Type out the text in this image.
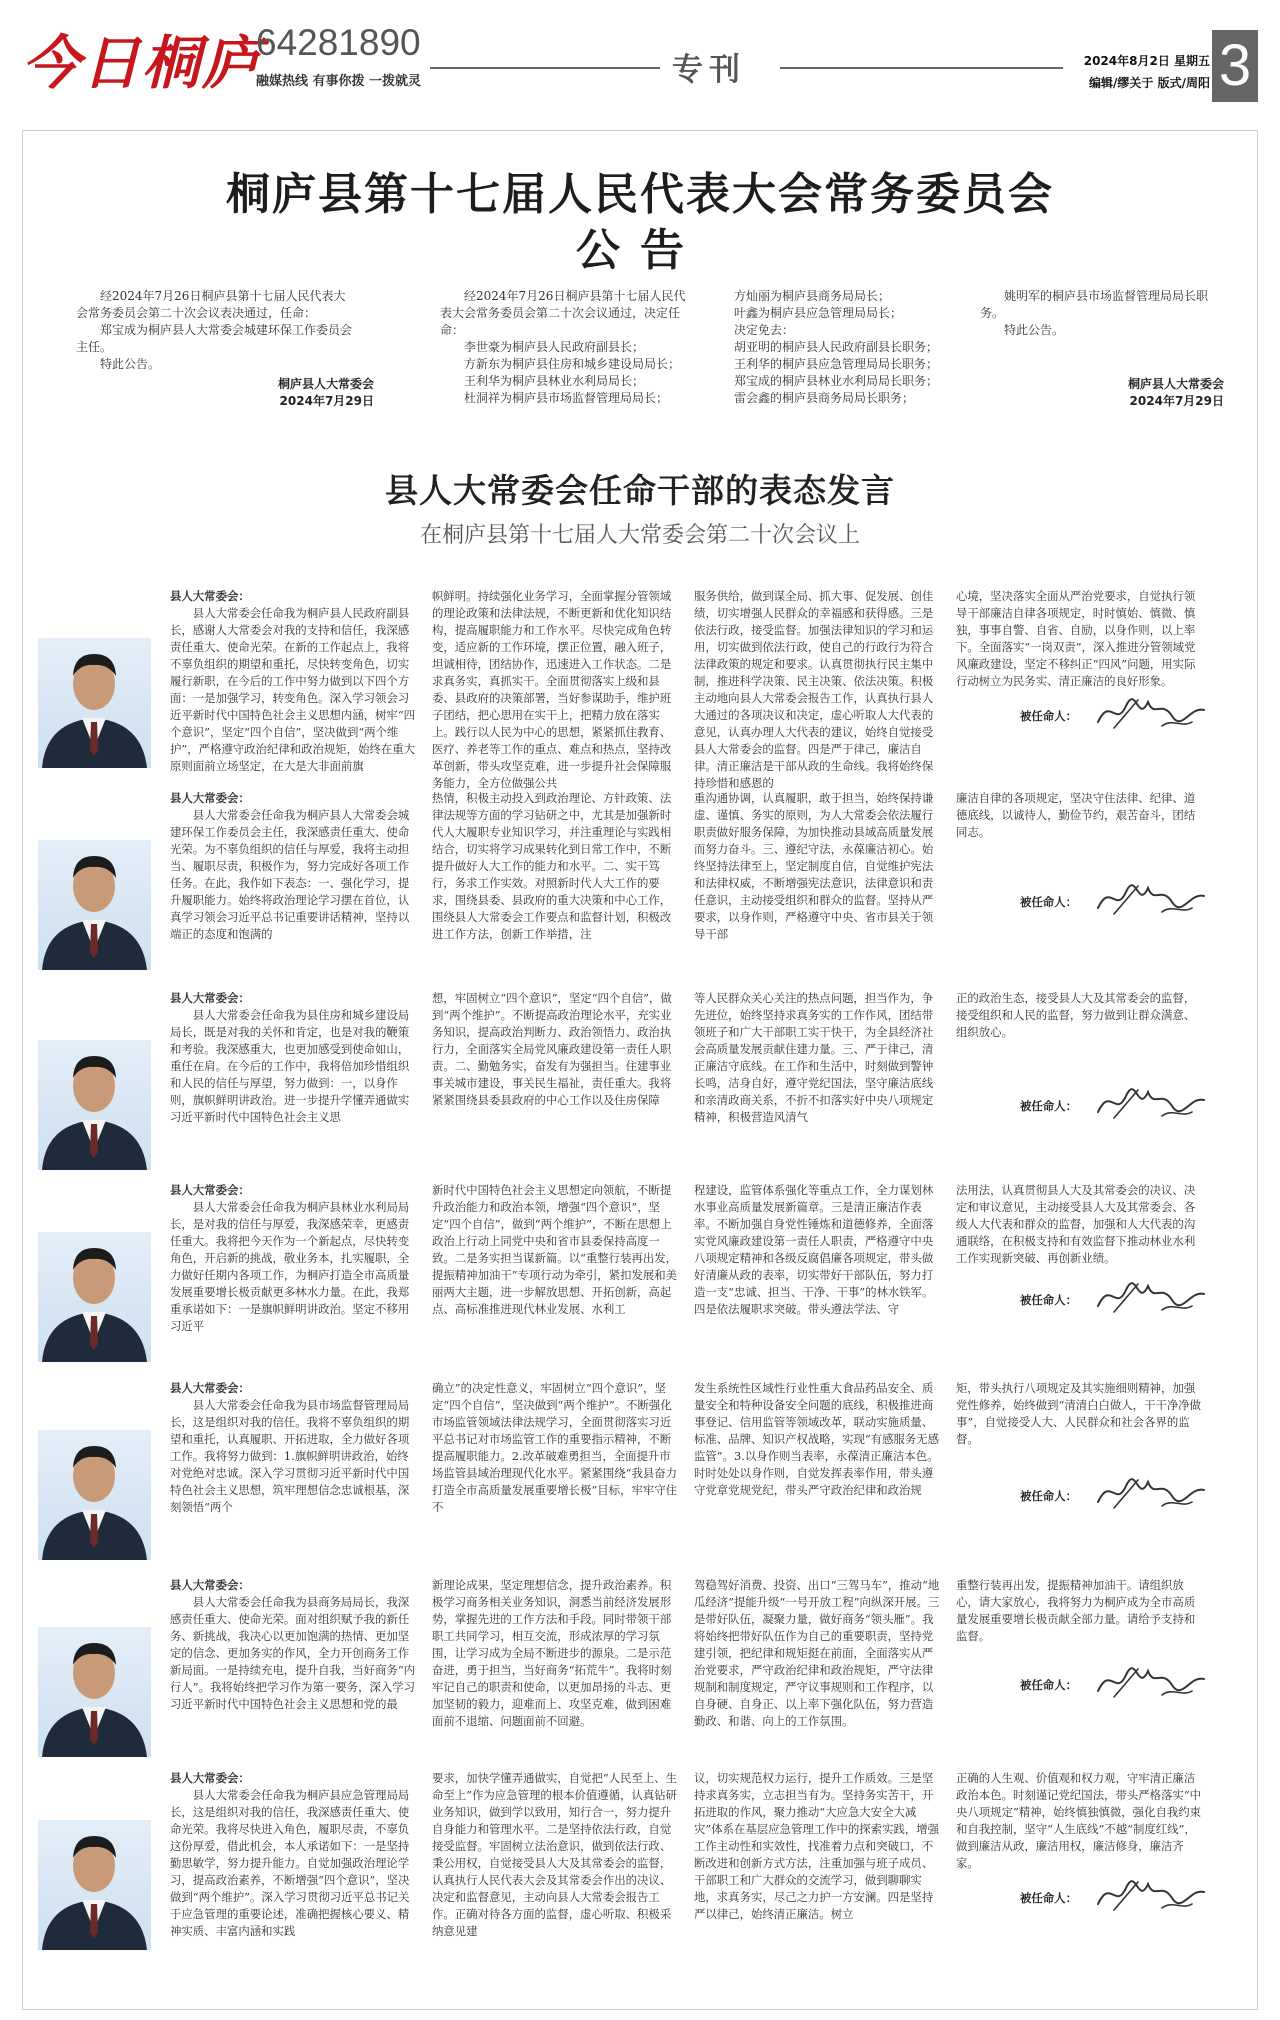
今日桐庐
64281890
融媒热线 有事你拨 一拨就灵	专刊	2024年8月2日 星期五
编辑/缪关于 版式/周阳 3
桐庐县第十七届人民代表大会常务委员会
公告

经2024年7月26日桐庐县第十七届人民代表大会常务委员会第二十次会议表决通过，任命：

郑宝成为桐庐县人大常委会城建环保工作委员会主任。

特此公告。

桐庐县人大常委会
2024年7月29日

经2024年7月26日桐庐县第十七届人民代表大会常务委员会第二十次会议通过，决定任命：

李世豪为桐庐县人民政府副县长；

方新东为桐庐县住房和城乡建设局局长；

王利华为桐庐县林业水利局局长；

杜洞祥为桐庐县市场监督管理局局长；

方灿丽为桐庐县商务局局长；
叶鑫为桐庐县应急管理局局长；
决定免去：
胡亚明的桐庐县人民政府副县长职务；
王利华的桐庐县应急管理局局长职务；
郑宝成的桐庐县林业水利局局长职务；
雷会鑫的桐庐县商务局局长职务；

姚明军的桐庐县市场监督管理局局长职务。

特此公告。

桐庐县人大常委会
2024年7月29日
县人大常委会任命干部的表态发言
在桐庐县第十七届人大常委会第二十次会议上
县人大常委会：

县人大常委会任命我为桐庐县人民政府副县长，感谢人大常委会对我的支持和信任，我深感责任重大、使命光荣。在新的工作起点上，我将不辜负组织的期望和重托，尽快转变角色，切实履行新职，在今后的工作中努力做到以下四个方面：一是加强学习，转变角色。深入学习领会习近平新时代中国特色社会主义思想内涵，树牢“四个意识”，坚定“四个自信”，坚决做到“两个维护”，严格遵守政治纪律和政治规矩，始终在重大原则面前立场坚定，在大是大非面前旗

帜鲜明。持续强化业务学习，全面掌握分管领域的理论政策和法律法规，不断更新和优化知识结构，提高履职能力和工作水平。尽快完成角色转变，适应新的工作环境，摆正位置，融入班子，坦诚相待，团结协作，迅速进入工作状态。二是求真务实，真抓实干。全面贯彻落实上级和县委、县政府的决策部署，当好参谋助手，维护班子团结，把心思用在实干上，把精力放在落实上。践行以人民为中心的思想，紧紧抓住教育、医疗、养老等工作的重点、难点和热点，坚持改革创新，带头攻坚克难，进一步提升社会保障服务能力，全方位做强公共
服务供给，做到谋全局、抓大事、促发展、创佳绩，切实增强人民群众的幸福感和获得感。三是依法行政，接受监督。加强法律知识的学习和运用，切实做到依法行政，使自己的行政行为符合法律政策的规定和要求。认真贯彻执行民主集中制，推进科学决策、民主决策、依法决策。积极主动地向县人大常委会报告工作，认真执行县人大通过的各项决议和决定，虚心听取人大代表的意见，认真办理人大代表的建议，始终自觉接受县人大常委会的监督。四是严于律己，廉洁自律。清正廉洁是干部从政的生命线。我将始终保持珍惜和感恩的
心境，坚决落实全面从严治党要求，自觉执行领导干部廉洁自律各项规定，时时慎始、慎微、慎独，事事自警、自省、自励，以身作则，以上率下。全面落实“一岗双责”，深入推进分管领域党风廉政建设，坚定不移纠正“四风”问题，用实际行动树立为民务实、清正廉洁的良好形象。
被任命人：
县人大常委会：

县人大常委会任命我为桐庐县人大常委会城建环保工作委员会主任，我深感责任重大、使命光荣。为不辜负组织的信任与厚爱，我将主动担当、履职尽责，积极作为，努力完成好各项工作任务。在此，我作如下表态：一、强化学习，提升履职能力。始终将政治理论学习摆在首位，认真学习领会习近平总书记重要讲话精神，坚持以端正的态度和饱满的

热情，积极主动投入到政治理论、方针政策、法律法规等方面的学习钻研之中，尤其是加强新时代人大履职专业知识学习，并注重理论与实践相结合，切实将学习成果转化到日常工作中，不断提升做好人大工作的能力和水平。二、实干笃行，务求工作实效。对照新时代人大工作的要求，围绕县委、县政府的重大决策和中心工作，围绕县人大常委会工作要点和监督计划，积极改进工作方法，创新工作举措，注
重沟通协调，认真履职，敢于担当，始终保持谦虚、谨慎、务实的原则，为人大常委会依法履行职责做好服务保障，为加快推动县域高质量发展而努力奋斗。三、遵纪守法，永葆廉洁初心。始终坚持法律至上，坚定制度自信，自觉维护宪法和法律权威，不断增强宪法意识，法律意识和责任意识，主动接受组织和群众的监督。坚持从严要求，以身作则，严格遵守中央、省市县关于领导干部
廉洁自律的各项规定，坚决守住法律、纪律、道德底线，以诚待人，勤俭节约，艰苦奋斗，团结同志。
被任命人：
县人大常委会：

县人大常委会任命我为县住房和城乡建设局局长，既是对我的关怀和肯定，也是对我的鞭策和考验。我深感重大，也更加感受到使命如山，重任在肩。在今后的工作中，我将倍加珍惜组织和人民的信任与厚望，努力做到：一，以身作则，旗帜鲜明讲政治。进一步提升学懂弄通做实习近平新时代中国特色社会主义思

想，牢固树立“四个意识”，坚定“四个自信”，做到“两个维护”。不断提高政治理论水平，充实业务知识，提高政治判断力、政治领悟力、政治执行力，全面落实全局党风廉政建设第一责任人职责。二、勤勉务实，奋发有为强担当。住建事业事关城市建设，事关民生福祉，责任重大。我将紧紧围绕县委县政府的中心工作以及住房保障
等人民群众关心关注的热点问题，担当作为，争先进位，始终坚持求真务实的工作作风，团结带领班子和广大干部职工实干快干，为全县经济社会高质量发展贡献住建力量。三、严于律己，清正廉洁守底线。在工作和生活中，时刻做到警钟长鸣，洁身自好，遵守党纪国法，坚守廉洁底线和亲清政商关系，不折不扣落实好中央八项规定精神，积极营造风清气
正的政治生态，接受县人大及其常委会的监督，接受组织和人民的监督，努力做到让群众满意、组织放心。
被任命人：
县人大常委会：

县人大常委会任命我为桐庐县林业水利局局长，是对我的信任与厚爱，我深感荣幸，更感责任重大。我将把今天作为一个新起点，尽快转变角色，开启新的挑战，敬业务本，扎实履职，全力做好任期内各项工作，为桐庐打造全市高质量发展重要增长极贡献更多林水力量。在此，我郑重承诺如下：一是旗帜鲜明讲政治。坚定不移用习近平

新时代中国特色社会主义思想定向领航，不断提升政治能力和政治本领，增强“四个意识”，坚定“四个自信”，做到“两个维护”，不断在思想上政治上行动上同党中央和省市县委保持高度一致。二是务实担当谋新篇。以“重整行装再出发，提振精神加油干”专项行动为牵引，紧扣发展和美丽两大主题，进一步解放思想、开拓创新，高起点、高标准推进现代林业发展、水利工
程建设，监管体系强化等重点工作，全力谋划林水事业高质量发展新篇章。三是清正廉洁作表率。不断加强自身党性锤炼和道德修养，全面落实党风廉政建设第一责任人职责，严格遵守中央八项规定精神和各级反腐倡廉各项规定，带头做好清廉从政的表率，切实带好干部队伍，努力打造一支“忠诚、担当、干净、干事”的林水铁军。四是依法履职求突破。带头遵法学法、守
法用法，认真贯彻县人大及其常委会的决议、决定和审议意见，主动接受县人大及其常委会、各级人大代表和群众的监督，加强和人大代表的沟通联络，在积极支持和有效监督下推动林业水利工作实现新突破、再创新业绩。
被任命人：
县人大常委会：

县人大常委会任命我为县市场监督管理局局长，这是组织对我的信任。我将不辜负组织的期望和重托，认真履职、开拓进取，全力做好各项工作。我将努力做到：1.旗帜鲜明讲政治，始终对党绝对忠诚。深入学习贯彻习近平新时代中国特色社会主义思想，筑牢理想信念忠诚根基，深刻领悟“两个

确立”的决定性意义，牢固树立“四个意识”，坚定“四个自信”，坚决做到“两个维护”。不断强化市场监管领域法律法规学习，全面贯彻落实习近平总书记对市场监管工作的重要指示精神，不断提高履职能力。2.改革破难勇担当，全面提升市场监管县域治理现代化水平。紧紧围绕“我县奋力打造全市高质量发展重要增长极”目标，牢牢守住不
发生系统性区域性行业性重大食品药品安全、质量安全和特种设备安全问题的底线，积极推进商事登记、信用监管等领域改革，联动实施质量、标准、品牌、知识产权战略，实现“有感服务无感监管”。3.以身作则当表率，永葆清正廉洁本色。时时处处以身作则，自觉发挥表率作用，带头遵守党章党规党纪，带头严守政治纪律和政治规
矩，带头执行八项规定及其实施细则精神，加强党性修养，始终做到“清清白白做人，干干净净做事”，自觉接受人大、人民群众和社会各界的监督。
被任命人：
县人大常委会：

县人大常委会任命我为县商务局局长，我深感责任重大、使命光荣。面对组织赋予我的新任务、新挑战，我决心以更加饱满的热情、更加坚定的信念、更加务实的作风，全力开创商务工作新局面。一是持续充电，提升自我，当好商务“内行人”。我将始终把学习作为第一要务，深入学习习近平新时代中国特色社会主义思想和党的最

新理论成果，坚定理想信念，提升政治素养。积极学习商务相关业务知识，洞悉当前经济发展形势，掌握先进的工作方法和手段。同时带领干部职工共同学习，相互交流，形成浓厚的学习氛围，让学习成为全局不断进步的源泉。二是示范奋进，勇于担当，当好商务“拓荒牛”。我将时刻牢记自己的职责和使命，以更加昂扬的斗志、更加坚韧的毅力，迎难而上、攻坚克难，做到困难面前不退缩、问题面前不回避。
驾稳驾好消费、投资、出口“三驾马车”，推动“地瓜经济”提能升级“一号开放工程”向纵深开展。三是带好队伍，凝聚力量，做好商务“领头雁”。我将始终把带好队伍作为自己的重要职责，坚持党建引领，把纪律和规矩挺在前面，全面落实从严治党要求，严守政治纪律和政治规矩，严守法律规制和制度规定，严守议事规则和工作程序，以自身硬、自身正、以上率下强化队伍，努力营造勤政、和谐、向上的工作氛围。
重整行装再出发，提振精神加油干。请组织放心，请大家放心，我将努力为桐庐成为全市高质量发展重要增长极贡献全部力量。请给予支持和监督。
被任命人：
县人大常委会：

县人大常委会任命我为桐庐县应急管理局局长，这是组织对我的信任，我深感责任重大、使命光荣。我将尽快进入角色，履职尽责，不辜负这份厚爱，借此机会，本人承诺如下：一是坚持勤思敏学，努力提升能力。自觉加强政治理论学习，提高政治素养，不断增强“四个意识”，坚决做到“两个维护”。深入学习贯彻习近平总书记关于应急管理的重要论述，准确把握核心要义、精神实质、丰富内涵和实践

要求，加快学懂弄通做实，自觉把“人民至上、生命至上”作为应急管理的根本价值遵循，认真钻研业务知识，做到学以致用，知行合一，努力提升自身能力和管理水平。二是坚持依法行政，自觉接受监督。牢固树立法治意识，做到依法行政、秉公用权，自觉接受县人大及其常委会的监督，认真执行人民代表大会及其常委会作出的决议、决定和监督意见，主动向县人大常委会报告工作。正确对待各方面的监督，虚心听取、积极采纳意见建
议，切实规范权力运行，提升工作质效。三是坚持求真务实，立志担当有为。坚持务实苦干，开拓进取的作风，聚力推动“大应急大安全大减灾”体系在基层应急管理工作中的探索实践，增强工作主动性和实效性，找准着力点和突破口，不断改进和创新方式方法，注重加强与班子成员、干部职工和广大群众的交流学习，做到聊聊实地，求真务实，尽己之力护一方安澜。四是坚持严以律己，始终清正廉洁。树立
正确的人生观、价值观和权力观，守牢清正廉洁政治本色。时刻谨记党纪国法，带头严格落实“中央八项规定”精神，始终慎独慎微，强化自我约束和自我控制，坚守“人生底线”不越“制度红线”，做到廉洁从政，廉洁用权，廉洁修身，廉洁齐家。
被任命人：
